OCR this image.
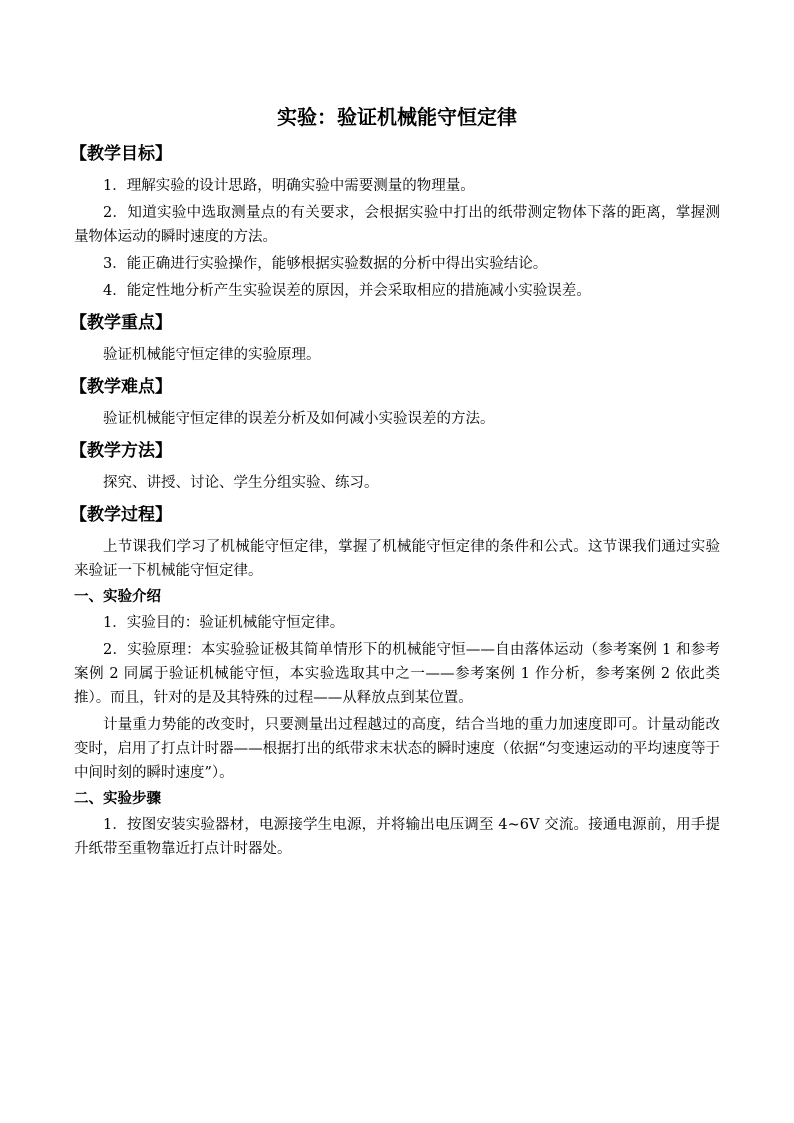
实验：验证机械能守恒定律
【教学目标】

1．理解实验的设计思路，明确实验中需要测量的物理量。

2．知道实验中选取测量点的有关要求，会根据实验中打出的纸带测定物体下落的距离，掌握测量物体运动的瞬时速度的方法。

3．能正确进行实验操作，能够根据实验数据的分析中得出实验结论。

4．能定性地分析产生实验误差的原因，并会采取相应的措施减小实验误差。

【教学重点】

验证机械能守恒定律的实验原理。

【教学难点】

验证机械能守恒定律的误差分析及如何减小实验误差的方法。

【教学方法】

探究、讲授、讨论、学生分组实验、练习。

【教学过程】

上节课我们学习了机械能守恒定律，掌握了机械能守恒定律的条件和公式。这节课我们通过实验来验证一下机械能守恒定律。

一、实验介绍

1．实验目的：验证机械能守恒定律。

2．实验原理：本实验验证极其简单情形下的机械能守恒——自由落体运动（参考案例 1 和参考案例 2 同属于验证机械能守恒，本实验选取其中之一——参考案例 1 作分析，参考案例 2 依此类推）。而且，针对的是及其特殊的过程——从释放点到某位置。

计量重力势能的改变时，只要测量出过程越过的高度，结合当地的重力加速度即可。计量动能改变时，启用了打点计时器——根据打出的纸带求末状态的瞬时速度（依据“匀变速运动的平均速度等于中间时刻的瞬时速度”）。

二、实验步骤

1．按图安装实验器材，电源接学生电源，并将输出电压调至 4~6V 交流。接通电源前，用手提升纸带至重物靠近打点计时器处。
